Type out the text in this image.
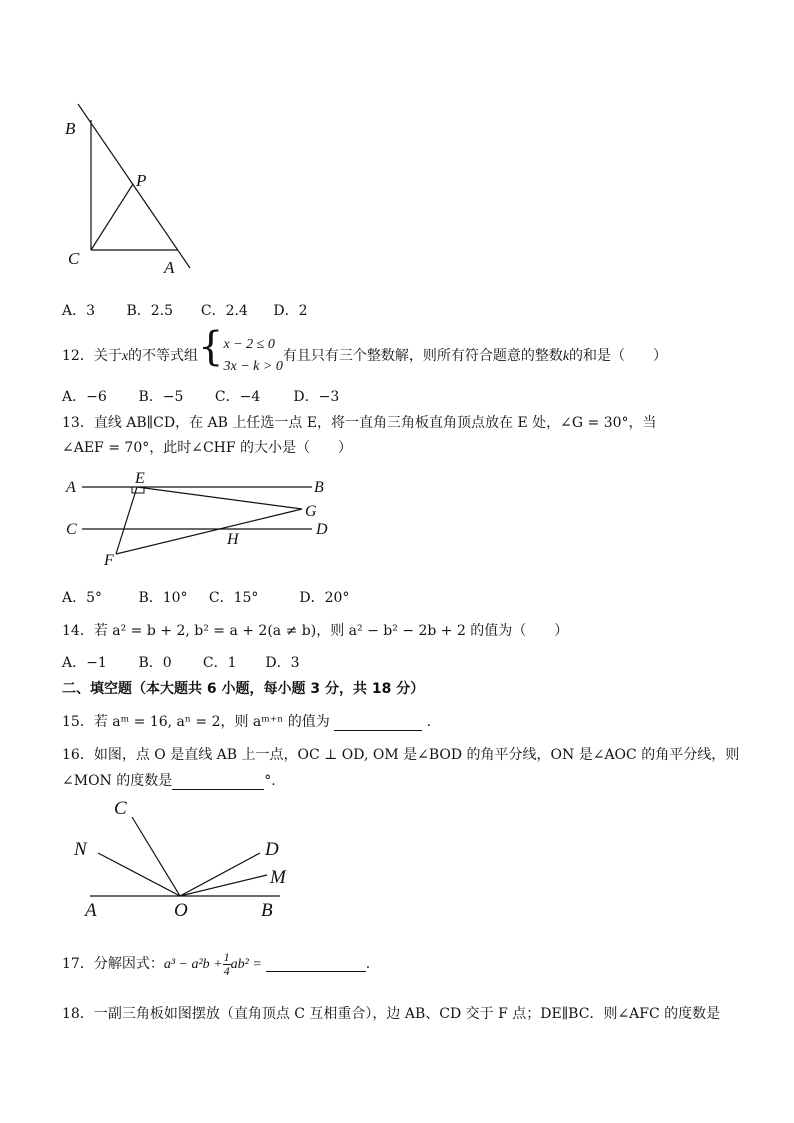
B
P
C	A
A．3 B．2.5 C．2.4 D．2
12．关于x的不等式组{ x − 2 ≤ 0
3x − k > 0
有且只有三个整数解，则所有符合题意的整数k的和是（　　）
A．−6 B．−5 C．−4 D．−3
13．直线 AB∥CD，在 AB 上任选一点 E，将一直角三角板直角顶点放在 E 处，∠G = 30°，当
∠AEF = 70°，此时∠CHF 的大小是（　　）
A
E
B
C
G
D
H
F
A．5°	B．10° C．15°	D．20°
14．若 a² = b + 2, b² = a + 2(a ≠ b)，则 a² − b² − 2b + 2 的值为（　　）
A．−1 B．0 C．1 D．3
二、填空题（本大题共 6 小题，每小题 3 分，共 18 分）
15．若 aᵐ = 16, aⁿ = 2，则 aᵐ⁺ⁿ 的值为	.
16．如图，点 O 是直线 AB 上一点，OC ⊥ OD, OM 是∠BOD 的角平分线，ON 是∠AOC 的角平分线，则
∠MON 的度数是	°.
C
N	D
M
A	O	B
17．分解因式：$a^3 - a^2b + \frac{1}{4} ab^2$ =	.
18．一副三角板如图摆放（直角顶点 C 互相重合），边 AB、CD 交于 F 点；DE∥BC．则∠AFC 的度数是
